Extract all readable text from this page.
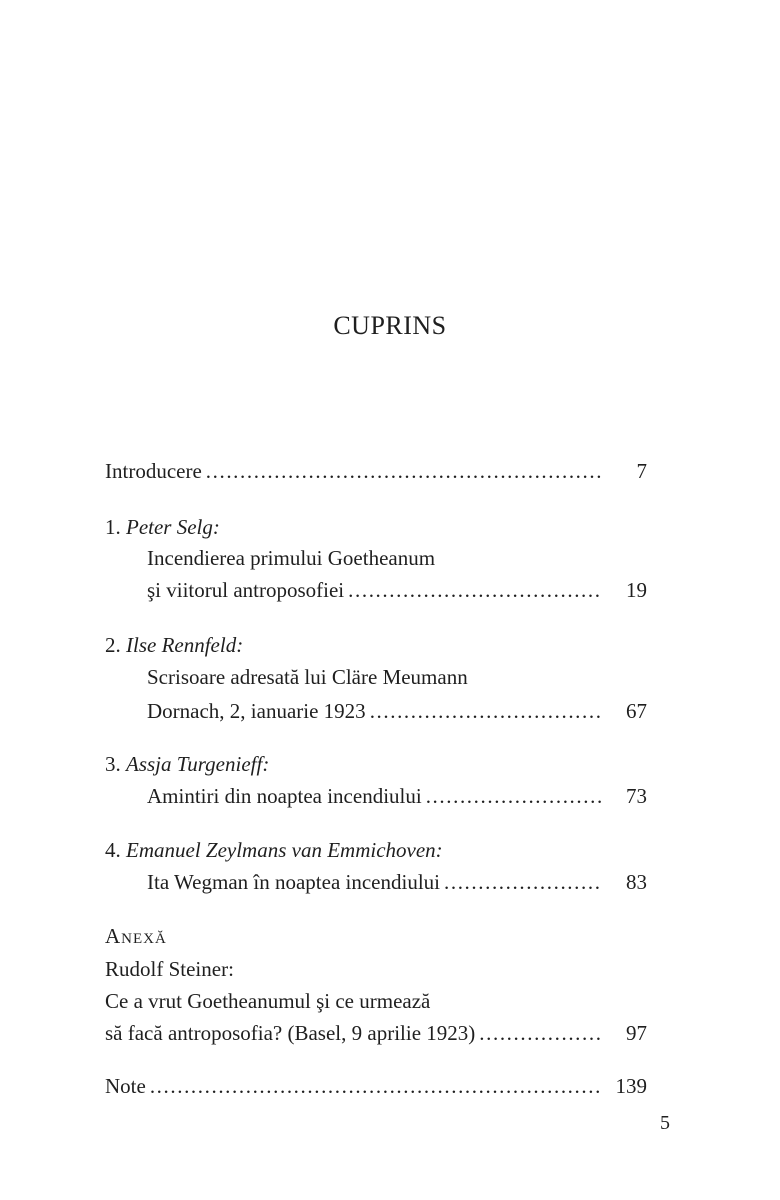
CUPRINS
Introducere .....	7
1. Peter Selg:
Incendierea primului Goetheanum
şi viitorul antroposofiei .....	19
2. Ilse Rennfeld:
Scrisoare adresată lui Cläre Meumann
Dornach, 2, ianuarie 1923 .....	67
3. Assja Turgenieff:
Amintiri din noaptea incendiului .....	73
4. Emanuel Zeylmans van Emmichoven:
Ita Wegman în noaptea incendiului .....	83
Anexă
Rudolf Steiner:
Ce a vrut Goetheanumul şi ce urmează
să facă antroposofia? (Basel, 9 aprilie 1923) .....	97
Note .....	139
5
